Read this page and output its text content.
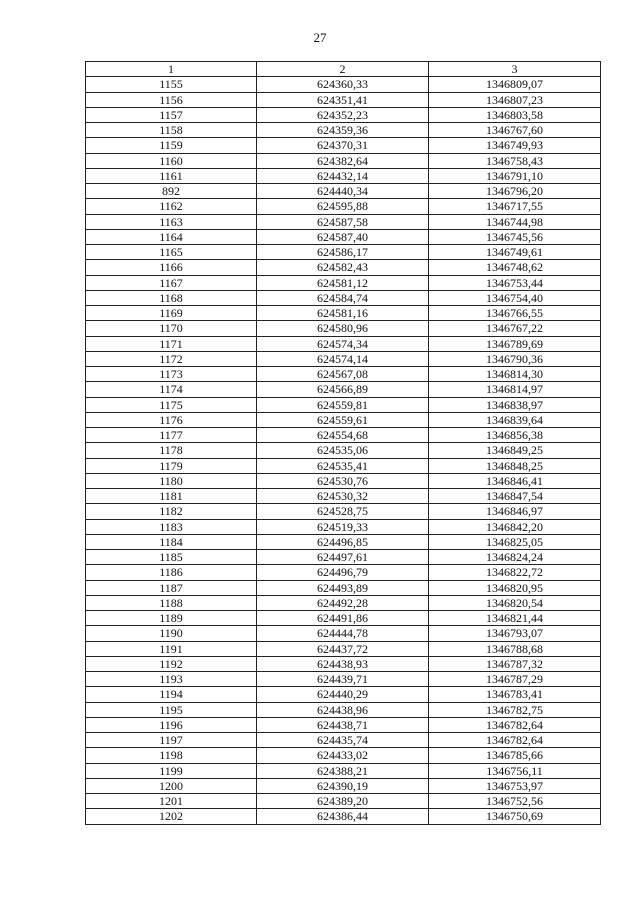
27
1	2	3
1155	624360,33	1346809,07
1156	624351,41	1346807,23
1157	624352,23	1346803,58
1158	624359,36	1346767,60
1159	624370,31	1346749,93
1160	624382,64	1346758,43
1161	624432,14	1346791,10
892	624440,34	1346796,20
1162	624595,88	1346717,55
1163	624587,58	1346744,98
1164	624587,40	1346745,56
1165	624586,17	1346749,61
1166	624582,43	1346748,62
1167	624581,12	1346753,44
1168	624584,74	1346754,40
1169	624581,16	1346766,55
1170	624580,96	1346767,22
1171	624574,34	1346789,69
1172	624574,14	1346790,36
1173	624567,08	1346814,30
1174	624566,89	1346814,97
1175	624559,81	1346838,97
1176	624559,61	1346839,64
1177	624554,68	1346856,38
1178	624535,06	1346849,25
1179	624535,41	1346848,25
1180	624530,76	1346846,41
1181	624530,32	1346847,54
1182	624528,75	1346846,97
1183	624519,33	1346842,20
1184	624496,85	1346825,05
1185	624497,61	1346824,24
1186	624496,79	1346822,72
1187	624493,89	1346820,95
1188	624492,28	1346820,54
1189	624491,86	1346821,44
1190	624444,78	1346793,07
1191	624437,72	1346788,68
1192	624438,93	1346787,32
1193	624439,71	1346787,29
1194	624440,29	1346783,41
1195	624438,96	1346782,75
1196	624438,71	1346782,64
1197	624435,74	1346782,64
1198	624433,02	1346785,66
1199	624388,21	1346756,11
1200	624390,19	1346753,97
1201	624389,20	1346752,56
1202	624386,44	1346750,69
